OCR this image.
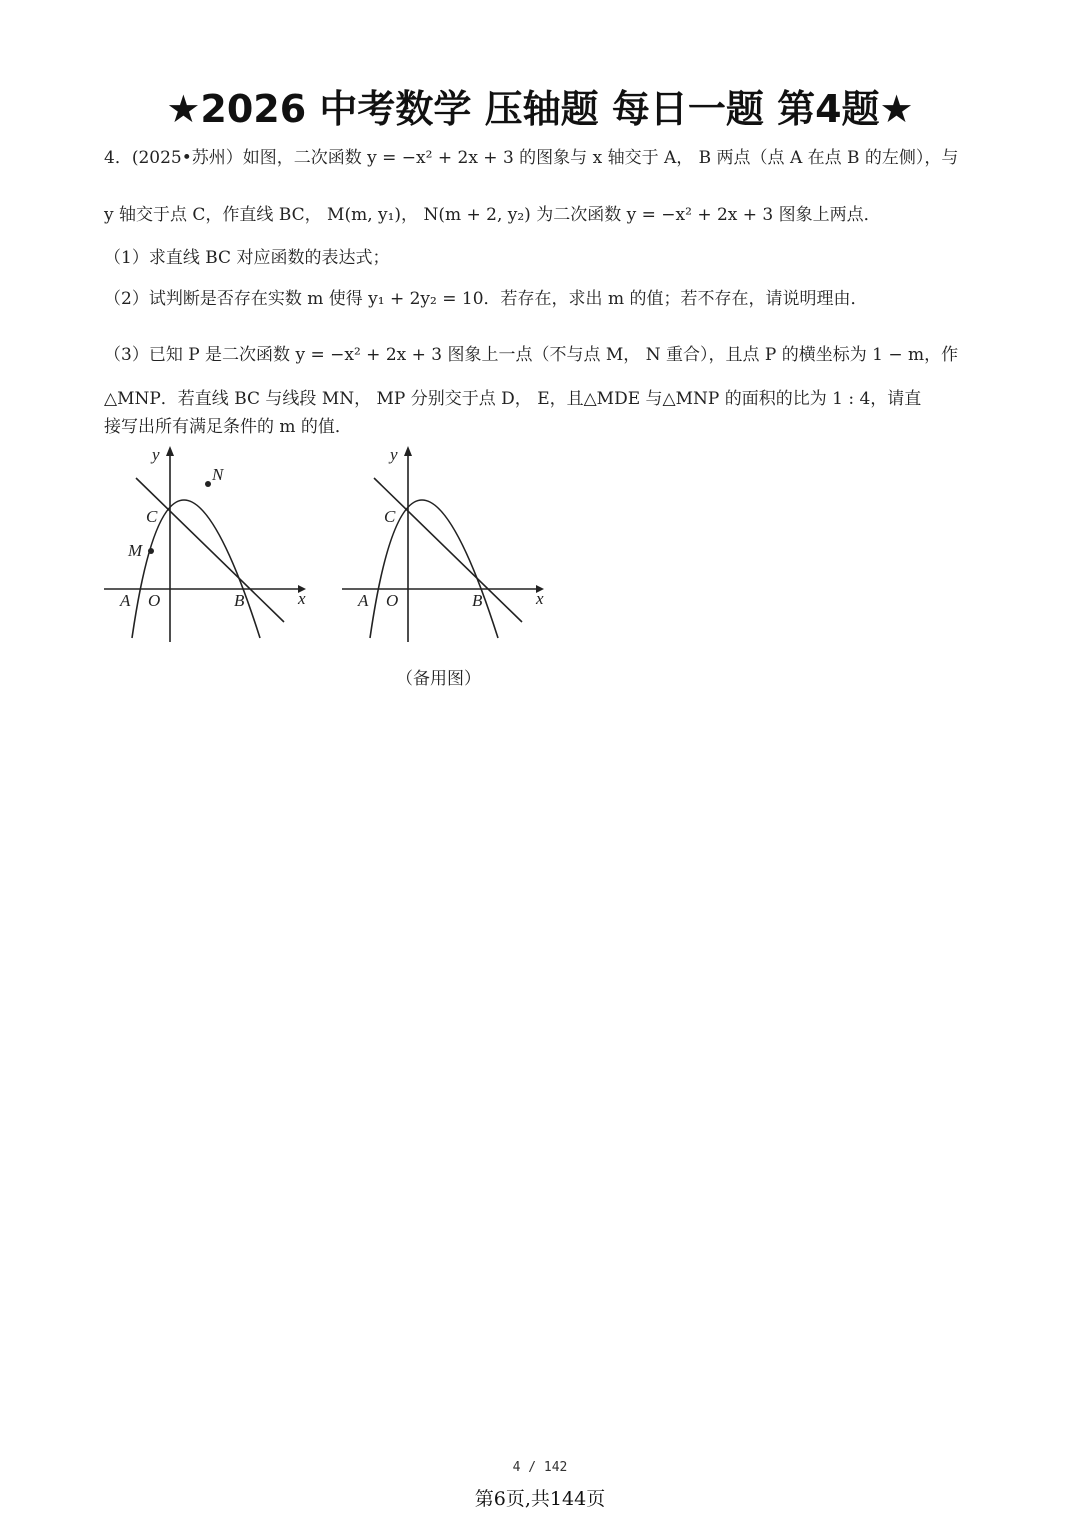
★2026 中考数学 压轴题 每日一题 第4题★
4．(2025•苏州）如图，二次函数 y = −x² + 2x + 3 的图象与 x 轴交于 A， B 两点（点 A 在点 B 的左侧），与
y 轴交于点 C，作直线 BC， M(m, y₁)， N(m + 2, y₂) 为二次函数 y = −x² + 2x + 3 图象上两点．
（1）求直线 BC 对应函数的表达式；
（2）试判断是否存在实数 m 使得 y₁ + 2y₂ = 10．若存在，求出 m 的值；若不存在，请说明理由．
（3）已知 P 是二次函数 y = −x² + 2x + 3 图象上一点（不与点 M， N 重合），且点 P 的横坐标为 1 − m，作
△MNP．若直线 BC 与线段 MN， MP 分别交于点 D， E，且△MDE 与△MNP 的面积的比为 1 : 4，请直
接写出所有满足条件的 m 的值．
y
x
C
N
M
A O	B
y
x
C
A O	B
（备用图）
4 / 142
第6页,共144页
